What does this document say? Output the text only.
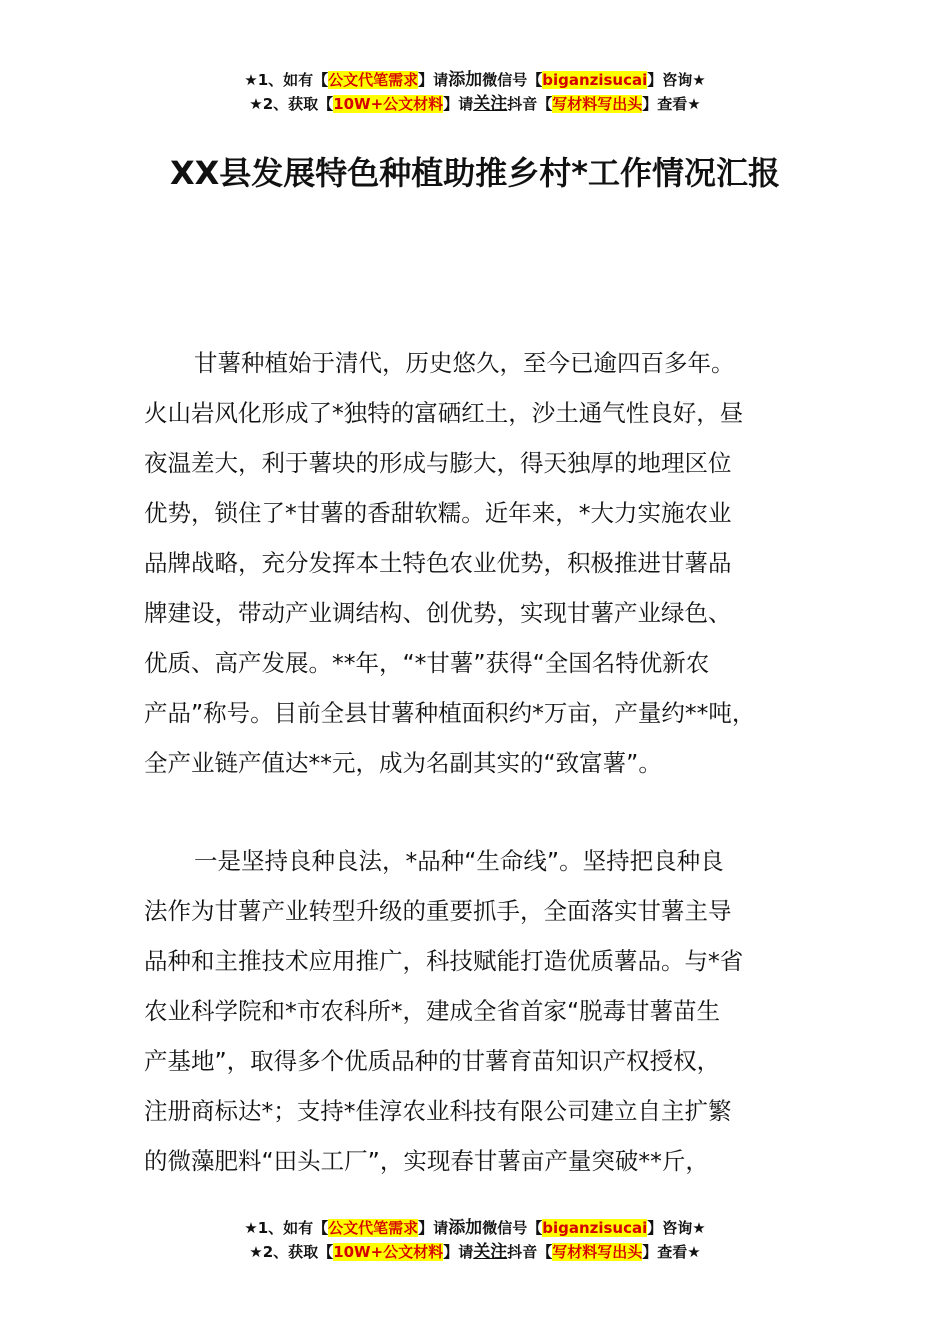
★1、如有【公文代笔需求】请添加微信号【biganzisucai】咨询★
★2、获取【10W+公文材料】请关注抖音【写材料写出头】查看★
XX县发展特色种植助推乡村*工作情况汇报
甘薯种植始于清代，历史悠久，至今已逾四百多年。
火山岩风化形成了*独特的富硒红土，沙土通气性良好，昼
夜温差大，利于薯块的形成与膨大，得天独厚的地理区位
优势，锁住了*甘薯的香甜软糯。近年来，*大力实施农业
品牌战略，充分发挥本土特色农业优势，积极推进甘薯品
牌建设，带动产业调结构、创优势，实现甘薯产业绿色、
优质、高产发展。**年，“*甘薯”获得“全国名特优新农
产品”称号。目前全县甘薯种植面积约*万亩，产量约**吨，
全产业链产值达**元，成为名副其实的“致富薯”。
一是坚持良种良法，*品种“生命线”。坚持把良种良
法作为甘薯产业转型升级的重要抓手，全面落实甘薯主导
品种和主推技术应用推广，科技赋能打造优质薯品。与*省
农业科学院和*市农科所*，建成全省首家“脱毒甘薯苗生
产基地”，取得多个优质品种的甘薯育苗知识产权授权，
注册商标达*；支持*佳淳农业科技有限公司建立自主扩繁
的微藻肥料“田头工厂”，实现春甘薯亩产量突破**斤，
★1、如有【公文代笔需求】请添加微信号【biganzisucai】咨询★
★2、获取【10W+公文材料】请关注抖音【写材料写出头】查看★
